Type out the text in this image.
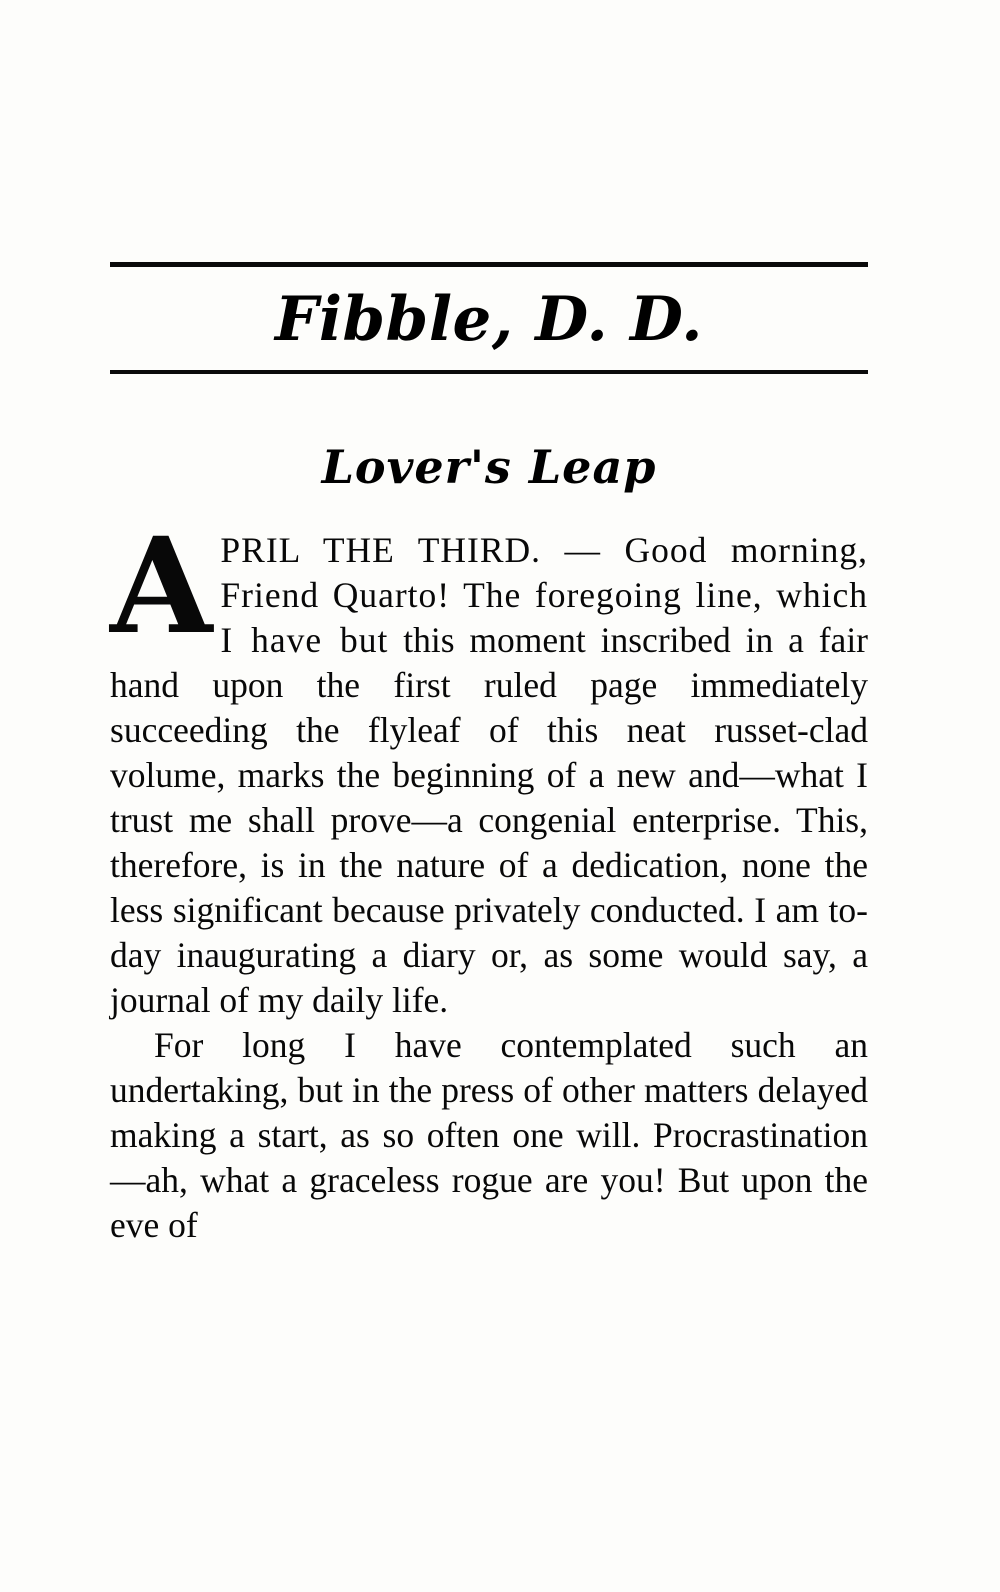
Fibble, D. D.
Lover's Leap

APRIL THE THIRD. — Good morning, Friend Quarto! The foregoing line, which I have but this moment inscribed in a fair hand upon the first ruled page immediately succeeding the flyleaf of this neat russet-clad volume, marks the beginning of a new and—what I trust me shall prove—a congenial enterprise. This, therefore, is in the nature of a dedication, none the less significant because privately conducted. I am to-day inaugurating a diary or, as some would say, a journal of my daily life.

For long I have contemplated such an undertaking, but in the press of other matters delayed making a start, as so often one will. Procrastination—ah, what a graceless rogue are you! But upon the eve of
